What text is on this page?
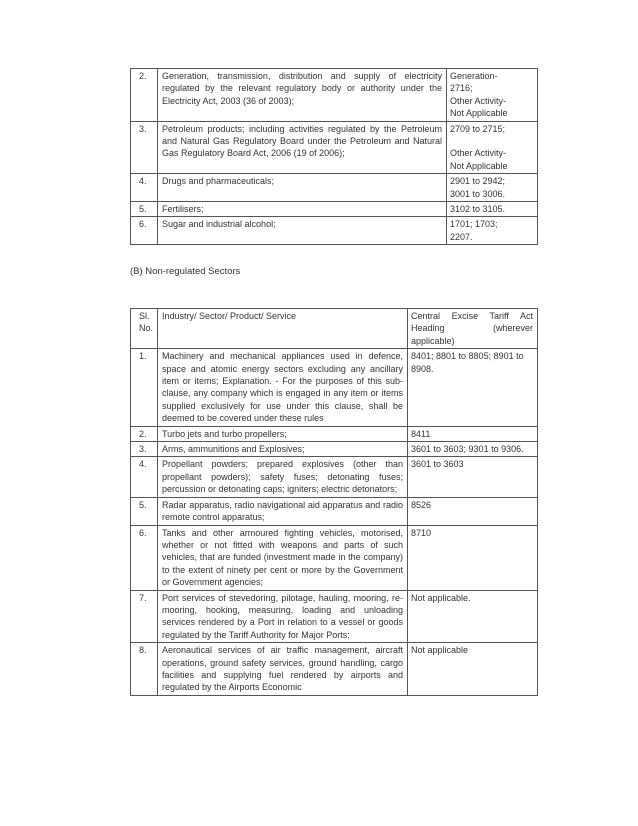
2.	Generation, transmission, distribution and supply of electricity regulated by the relevant regulatory body or authority under the Electricity Act, 2003 (36 of 2003);	Generation-
2716;
Other Activity-
Not Applicable

3.	Petroleum products; including activities regulated by the Petroleum and Natural Gas Regulatory Board under the Petroleum and Natural Gas Regulatory Board Act, 2006 (19 of 2006);	2709 to 2715;

Other Activity-
Not Applicable

4.	Drugs and pharmaceuticals;	2901 to 2942;
3001 to 3006.

5.	Fertilisers;	3102 to 3105.

6.	Sugar and industrial alcohol;	1701; 1703;
2207.
(B) Non-regulated Sectors
Sl. No.	Industry/ Sector/ Product/ Service	Central Excise Tariff Act Heading (wherever applicable)
1.	Machinery and mechanical appliances used in defence, space and atomic energy sectors excluding any ancillary item or items; Explanation. - For the purposes of this sub-clause, any company which is engaged in any item or items supplied exclusively for use under this clause, shall be deemed to be covered under these rules	8401; 8801 to 8805; 8901 to 8908.
2.	Turbo jets and turbo propellers;	8411
3.	Arms, ammunitions and Explosives;	3601 to 3603; 9301 to 9306.
4.	Propellant powders; prepared explosives (other than propellant powders); safety fuses; detonating fuses; percussion or detonating caps; igniters; electric detonators;	3601 to 3603
5.	Radar apparatus, radio navigational aid apparatus and radio remote control apparatus;	8526
6.	Tanks and other armoured fighting vehicles, motorised, whether or not fitted with weapons and parts of such vehicles, that are funded (investment made in the company) to the extent of ninety per cent or more by the Government or Government agencies;	8710
7.	Port services of stevedoring, pilotage, hauling, mooring, re-mooring, hooking, measuring, loading and unloading services rendered by a Port in relation to a vessel or goods regulated by the Tariff Authority for Major Ports;	Not applicable.
8.	Aeronautical services of air traffic management, aircraft operations, ground safety services, ground handling, cargo facilities and supplying fuel rendered by airports and regulated by the Airports Economic	Not applicable
